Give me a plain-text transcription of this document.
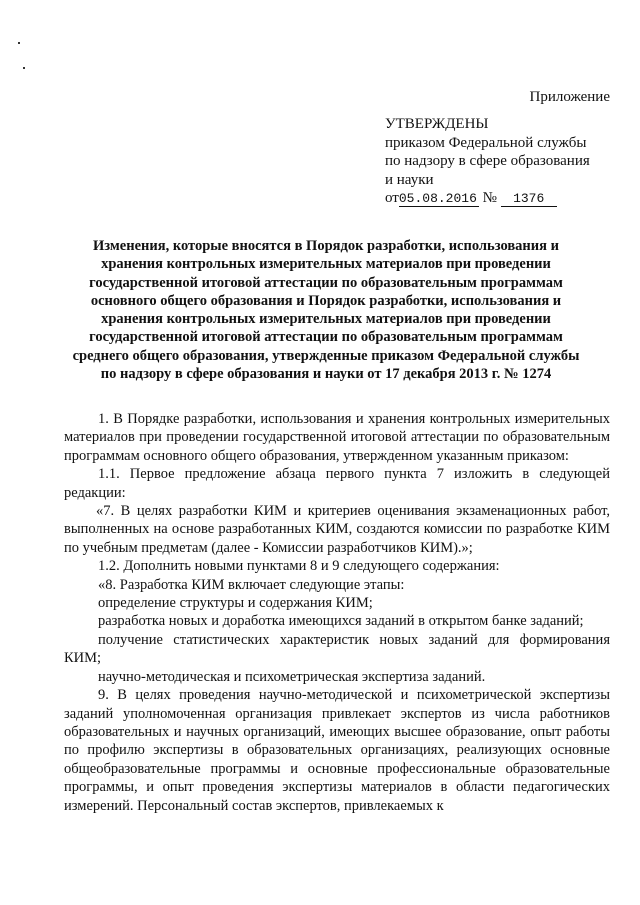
Приложение
УТВЕРЖДЕНЫ
приказом Федеральной службы
по надзору в сфере образования
и науки
от05.08.2016 № 1376
Изменения, которые вносятся в Порядок разработки, использования и хранения контрольных измерительных материалов при проведении государственной итоговой аттестации по образовательным программам основного общего образования и Порядок разработки, использования и хранения контрольных измерительных материалов при проведении государственной итоговой аттестации по образовательным программам среднего общего образования, утвержденные приказом Федеральной службы по надзору в сфере образования и науки от 17 декабря 2013 г. № 1274

1. В Порядке разработки, использования и хранения контрольных измерительных материалов при проведении государственной итоговой аттестации по образовательным программам основного общего образования, утвержденном указанным приказом:

1.1. Первое предложение абзаца первого пункта 7 изложить в следующей редакции:

«7. В целях разработки КИМ и критериев оценивания экзаменационных работ, выполненных на основе разработанных КИМ, создаются комиссии по разработке КИМ по учебным предметам (далее - Комиссии разработчиков КИМ).»;

1.2. Дополнить новыми пунктами 8 и 9 следующего содержания:

«8. Разработка КИМ включает следующие этапы:

определение структуры и содержания КИМ;

разработка новых и доработка имеющихся заданий в открытом банке заданий;

получение статистических характеристик новых заданий для формирования КИМ;

научно-методическая и психометрическая экспертиза заданий.

9. В целях проведения научно-методической и психометрической экспертизы заданий уполномоченная организация привлекает экспертов из числа работников образовательных и научных организаций, имеющих высшее образование, опыт работы по профилю экспертизы в образовательных организациях, реализующих основные общеобразовательные программы и основные профессиональные образовательные программы, и опыт проведения экспертизы материалов в области педагогических измерений. Персональный состав экспертов, привлекаемых к
